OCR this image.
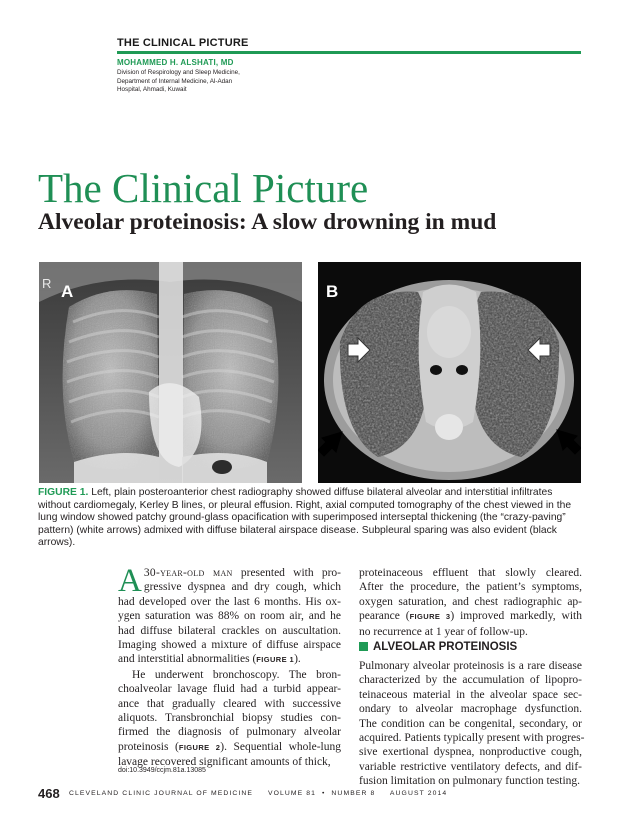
THE CLINICAL PICTURE
MOHAMMED H. ALSHATI, MD
Division of Respirology and Sleep Medicine,
Department of Internal Medicine, Al-Adan
Hospital, Ahmadi, Kuwait
The Clinical Picture
Alveolar proteinosis: A slow drowning in mud
R A	B
FIGURE 1. Left, plain posteroanterior chest radiography showed diffuse bilateral alveolar and interstitial infiltrates without cardiomegaly, Kerley B lines, or pleural effusion. Right, axial computed tomography of the chest viewed in the lung window showed patchy ground-glass opacification with superimposed interseptal thickening (the “crazy-paving” pattern) (white arrows) admixed with diffuse bilateral airspace disease. Subpleural sparing was also evident (black arrows).
A 30-year-old man presented with pro-
gressive dyspnea and dry cough, which
had developed over the last 6 months. His ox-
ygen saturation was 88% on room air, and he
had diffuse bilateral crackles on auscultation.
Imaging showed a mixture of diffuse airspace
and interstitial abnormalities (FIGURE 1).
He underwent bronchoscopy. The bron-
choalveolar lavage fluid had a turbid appear-
ance that gradually cleared with successive
aliquots. Transbronchial biopsy studies con-
firmed the diagnosis of pulmonary alveolar
proteinosis (FIGURE 2). Sequential whole-lung
lavage recovered significant amounts of thick,
proteinaceous effluent that slowly cleared.
After the procedure, the patient’s symptoms,
oxygen saturation, and chest radiographic ap-
pearance (FIGURE 3) improved markedly, with
no recurrence at 1 year of follow-up.
ALVEOLAR PROTEINOSIS
Pulmonary alveolar proteinosis is a rare disease
characterized by the accumulation of lipopro-
teinaceous material in the alveolar space sec-
ondary to alveolar macrophage dysfunction.
The condition can be congenital, secondary, or
acquired. Patients typically present with progres-
sive exertional dyspnea, nonproductive cough,
variable restrictive ventilatory defects, and dif-
fusion limitation on pulmonary function testing.
doi:10.3949/ccjm.81a.13085
468 CLEVELAND CLINIC JOURNAL OF MEDICINE     VOLUME 81  •  NUMBER 8     AUGUST 2014
